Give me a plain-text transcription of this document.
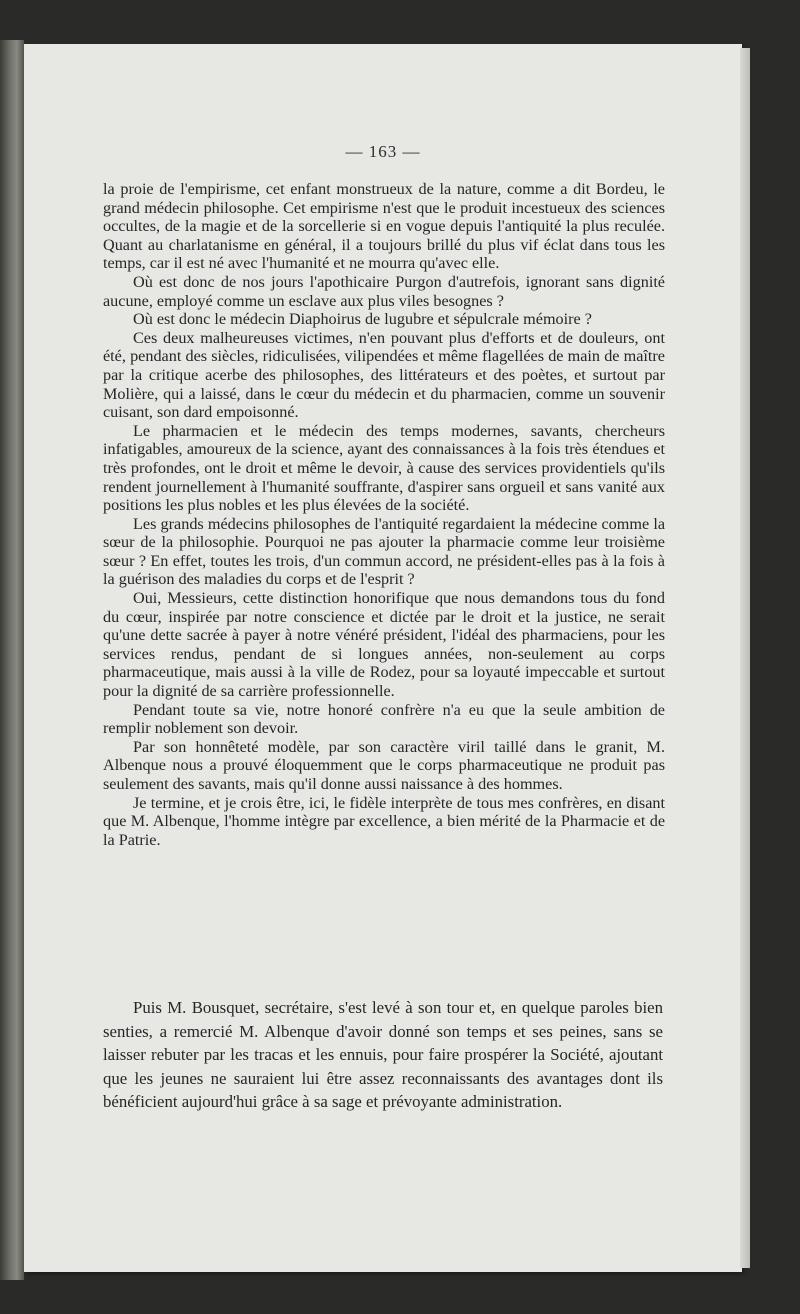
— 163 —

la proie de l'empirisme, cet enfant monstrueux de la nature, comme a dit Bordeu, le grand médecin philosophe. Cet empirisme n'est que le produit incestueux des sciences occultes, de la magie et de la sorcellerie si en vogue depuis l'antiquité la plus reculée. Quant au charlatanisme en général, il a toujours brillé du plus vif éclat dans tous les temps, car il est né avec l'humanité et ne mourra qu'avec elle.

Où est donc de nos jours l'apothicaire Purgon d'autrefois, ignorant sans dignité aucune, employé comme un esclave aux plus viles besognes ?

Où est donc le médecin Diaphoirus de lugubre et sépulcrale mémoire ?

Ces deux malheureuses victimes, n'en pouvant plus d'efforts et de douleurs, ont été, pendant des siècles, ridiculisées, vilipendées et même flagellées de main de maître par la critique acerbe des philosophes, des littérateurs et des poètes, et surtout par Molière, qui a laissé, dans le cœur du médecin et du pharmacien, comme un souvenir cuisant, son dard empoisonné.

Le pharmacien et le médecin des temps modernes, savants, chercheurs infatigables, amoureux de la science, ayant des connaissances à la fois très étendues et très profondes, ont le droit et même le devoir, à cause des services providentiels qu'ils rendent journellement à l'humanité souffrante, d'aspirer sans orgueil et sans vanité aux positions les plus nobles et les plus élevées de la société.

Les grands médecins philosophes de l'antiquité regardaient la médecine comme la sœur de la philosophie. Pourquoi ne pas ajouter la pharmacie comme leur troisième sœur ? En effet, toutes les trois, d'un commun accord, ne président-elles pas à la fois à la guérison des maladies du corps et de l'esprit ?

Oui, Messieurs, cette distinction honorifique que nous demandons tous du fond du cœur, inspirée par notre conscience et dictée par le droit et la justice, ne serait qu'une dette sacrée à payer à notre vénéré président, l'idéal des pharmaciens, pour les services rendus, pendant de si longues années, non-seulement au corps pharmaceutique, mais aussi à la ville de Rodez, pour sa loyauté impeccable et surtout pour la dignité de sa carrière professionnelle.

Pendant toute sa vie, notre honoré confrère n'a eu que la seule ambition de remplir noblement son devoir.

Par son honnêteté modèle, par son caractère viril taillé dans le granit, M. Albenque nous a prouvé éloquemment que le corps pharmaceutique ne produit pas seulement des savants, mais qu'il donne aussi naissance à des hommes.

Je termine, et je crois être, ici, le fidèle interprète de tous mes confrères, en disant que M. Albenque, l'homme intègre par excellence, a bien mérité de la Pharmacie et de la Patrie.

Puis M. Bousquet, secrétaire, s'est levé à son tour et, en quelque paroles bien senties, a remercié M. Albenque d'avoir donné son temps et ses peines, sans se laisser rebuter par les tracas et les ennuis, pour faire prospérer la Société, ajoutant que les jeunes ne sauraient lui être assez reconnaissants des avantages dont ils bénéficient aujourd'hui grâce à sa sage et prévoyante administration.
